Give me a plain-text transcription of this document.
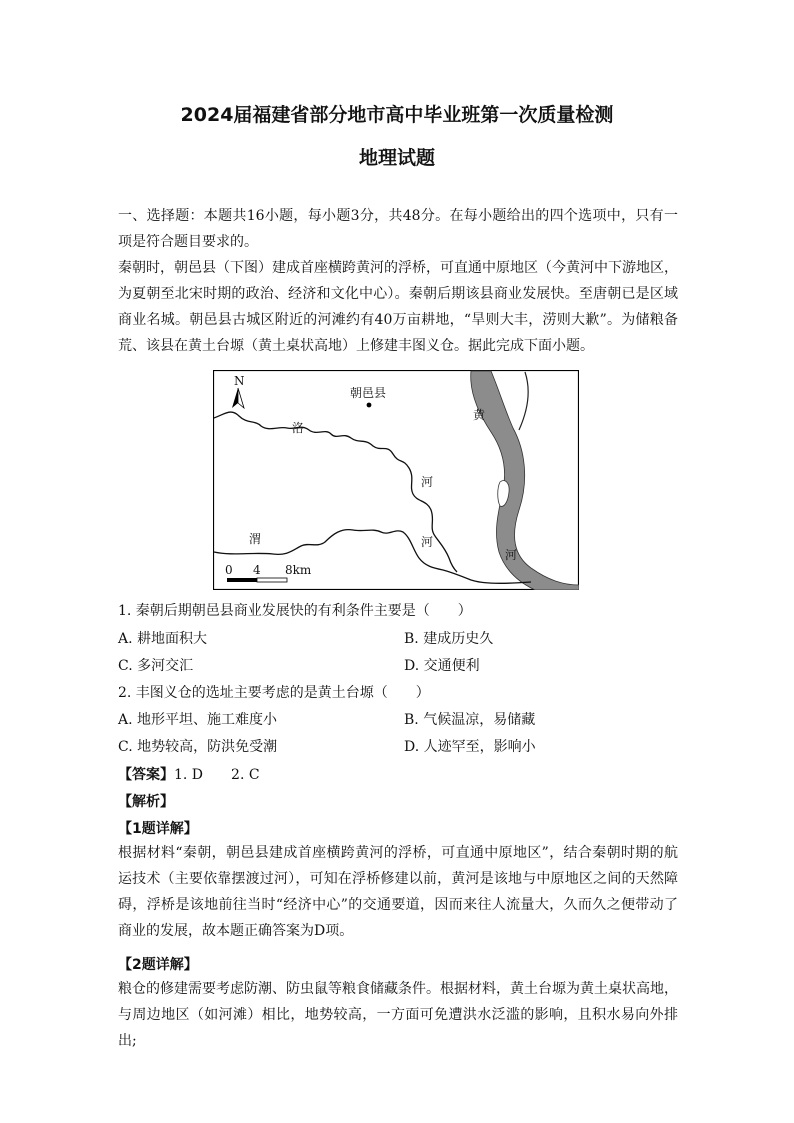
2024届福建省部分地市高中毕业班第一次质量检测
地理试题

一、选择题：本题共16小题，每小题3分，共48分。在每小题给出的四个选项中，只有一项是符合题目要求的。

秦朝时，朝邑县（下图）建成首座横跨黄河的浮桥，可直通中原地区（今黄河中下游地区，为夏朝至北宋时期的政治、经济和文化中心）。秦朝后期该县商业发展快。至唐朝已是区域商业名城。朝邑县古城区附近的河滩约有40万亩耕地，“旱则大丰，涝则大歉”。为储粮备荒、该县在黄土台塬（黄土桌状高地）上修建丰图义仓。据此完成下面小题。

N
朝邑县
洛
河
渭	河
黄
河
0 4 8km
1. 秦朝后期朝邑县商业发展快的有利条件主要是（　　）
A. 耕地面积大	B. 建成历史久
C. 多河交汇	D. 交通便利
2. 丰图义仓的选址主要考虑的是黄土台塬（　　）
A. 地形平坦、施工难度小	B. 气候温凉，易储藏
C. 地势较高，防洪免受潮	D. 人迹罕至，影响小
【答案】1. D　　2. C
【解析】
【1题详解】

根据材料“秦朝，朝邑县建成首座横跨黄河的浮桥，可直通中原地区”，结合秦朝时期的航运技术（主要依靠摆渡过河），可知在浮桥修建以前，黄河是该地与中原地区之间的天然障碍，浮桥是该地前往当时“经济中心”的交通要道，因而来往人流量大，久而久之便带动了商业的发展，故本题正确答案为D项。

【2题详解】

粮仓的修建需要考虑防潮、防虫鼠等粮食储藏条件。根据材料，黄土台塬为黄土桌状高地，与周边地区（如河滩）相比，地势较高，一方面可免遭洪水泛滥的影响，且积水易向外排出;
